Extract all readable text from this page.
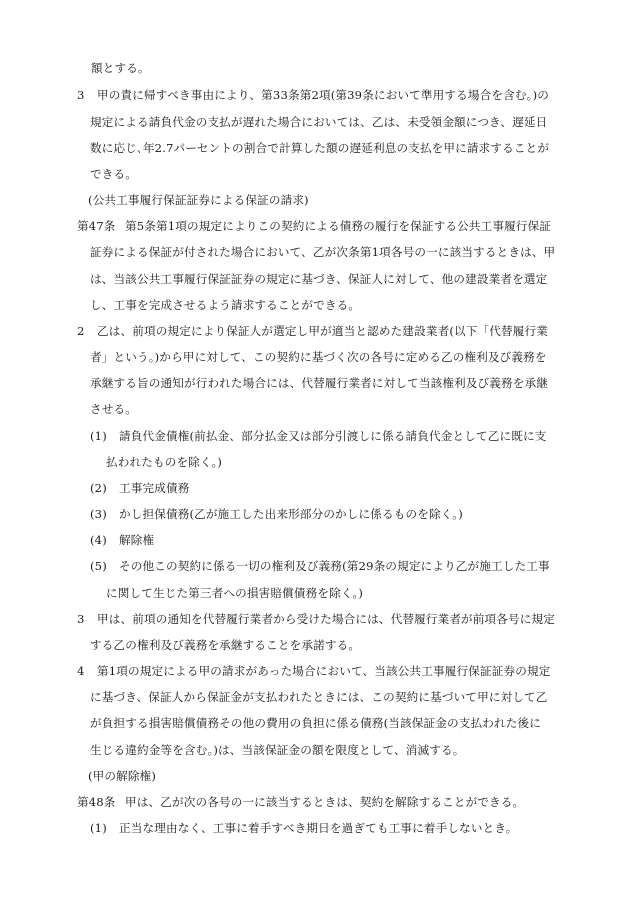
額とする。
3 甲の責に帰すべき事由により、第33条第2項(第39条において準用する場合を含む。)の
規定による請負代金の支払が遅れた場合においては、乙は、未受領金額につき、遅延日
数に応じ､年2.7パーセントの割合で計算した額の遅延利息の支払を甲に請求することが
できる。
(公共工事履行保証証券による保証の請求)
第47条 第5条第1項の規定によりこの契約による債務の履行を保証する公共工事履行保証
証券による保証が付された場合において、乙が次条第1項各号の一に該当するときは、甲
は、当該公共工事履行保証証券の規定に基づき、保証人に対して、他の建設業者を選定
し、工事を完成させるよう請求することができる。
2 乙は、前項の規定により保証人が選定し甲が適当と認めた建設業者(以下「代替履行業
者」という。)から甲に対して、この契約に基づく次の各号に定める乙の権利及び義務を
承継する旨の通知が行われた場合には、代替履行業者に対して当該権利及び義務を承継
させる。
(1) 請負代金債権(前払金、部分払金又は部分引渡しに係る請負代金として乙に既に支
払われたものを除く。)
(2) 工事完成債務
(3) かし担保債務(乙が施工した出来形部分のかしに係るものを除く。)
(4) 解除権
(5) その他この契約に係る一切の権利及び義務(第29条の規定により乙が施工した工事
に関して生じた第三者への損害賠償債務を除く。)
3 甲は、前項の通知を代替履行業者から受けた場合には、代替履行業者が前項各号に規定
する乙の権利及び義務を承継することを承諾する。
4 第1項の規定による甲の請求があった場合において、当該公共工事履行保証証券の規定
に基づき、保証人から保証金が支払われたときには、この契約に基づいて甲に対して乙
が負担する損害賠償債務その他の費用の負担に係る債務(当該保証金の支払われた後に
生じる違約金等を含む。)は、当該保証金の額を限度として、消滅する。
(甲の解除権)
第48条 甲は、乙が次の各号の一に該当するときは、契約を解除することができる。
(1) 正当な理由なく、工事に着手すべき期日を過ぎても工事に着手しないとき。
